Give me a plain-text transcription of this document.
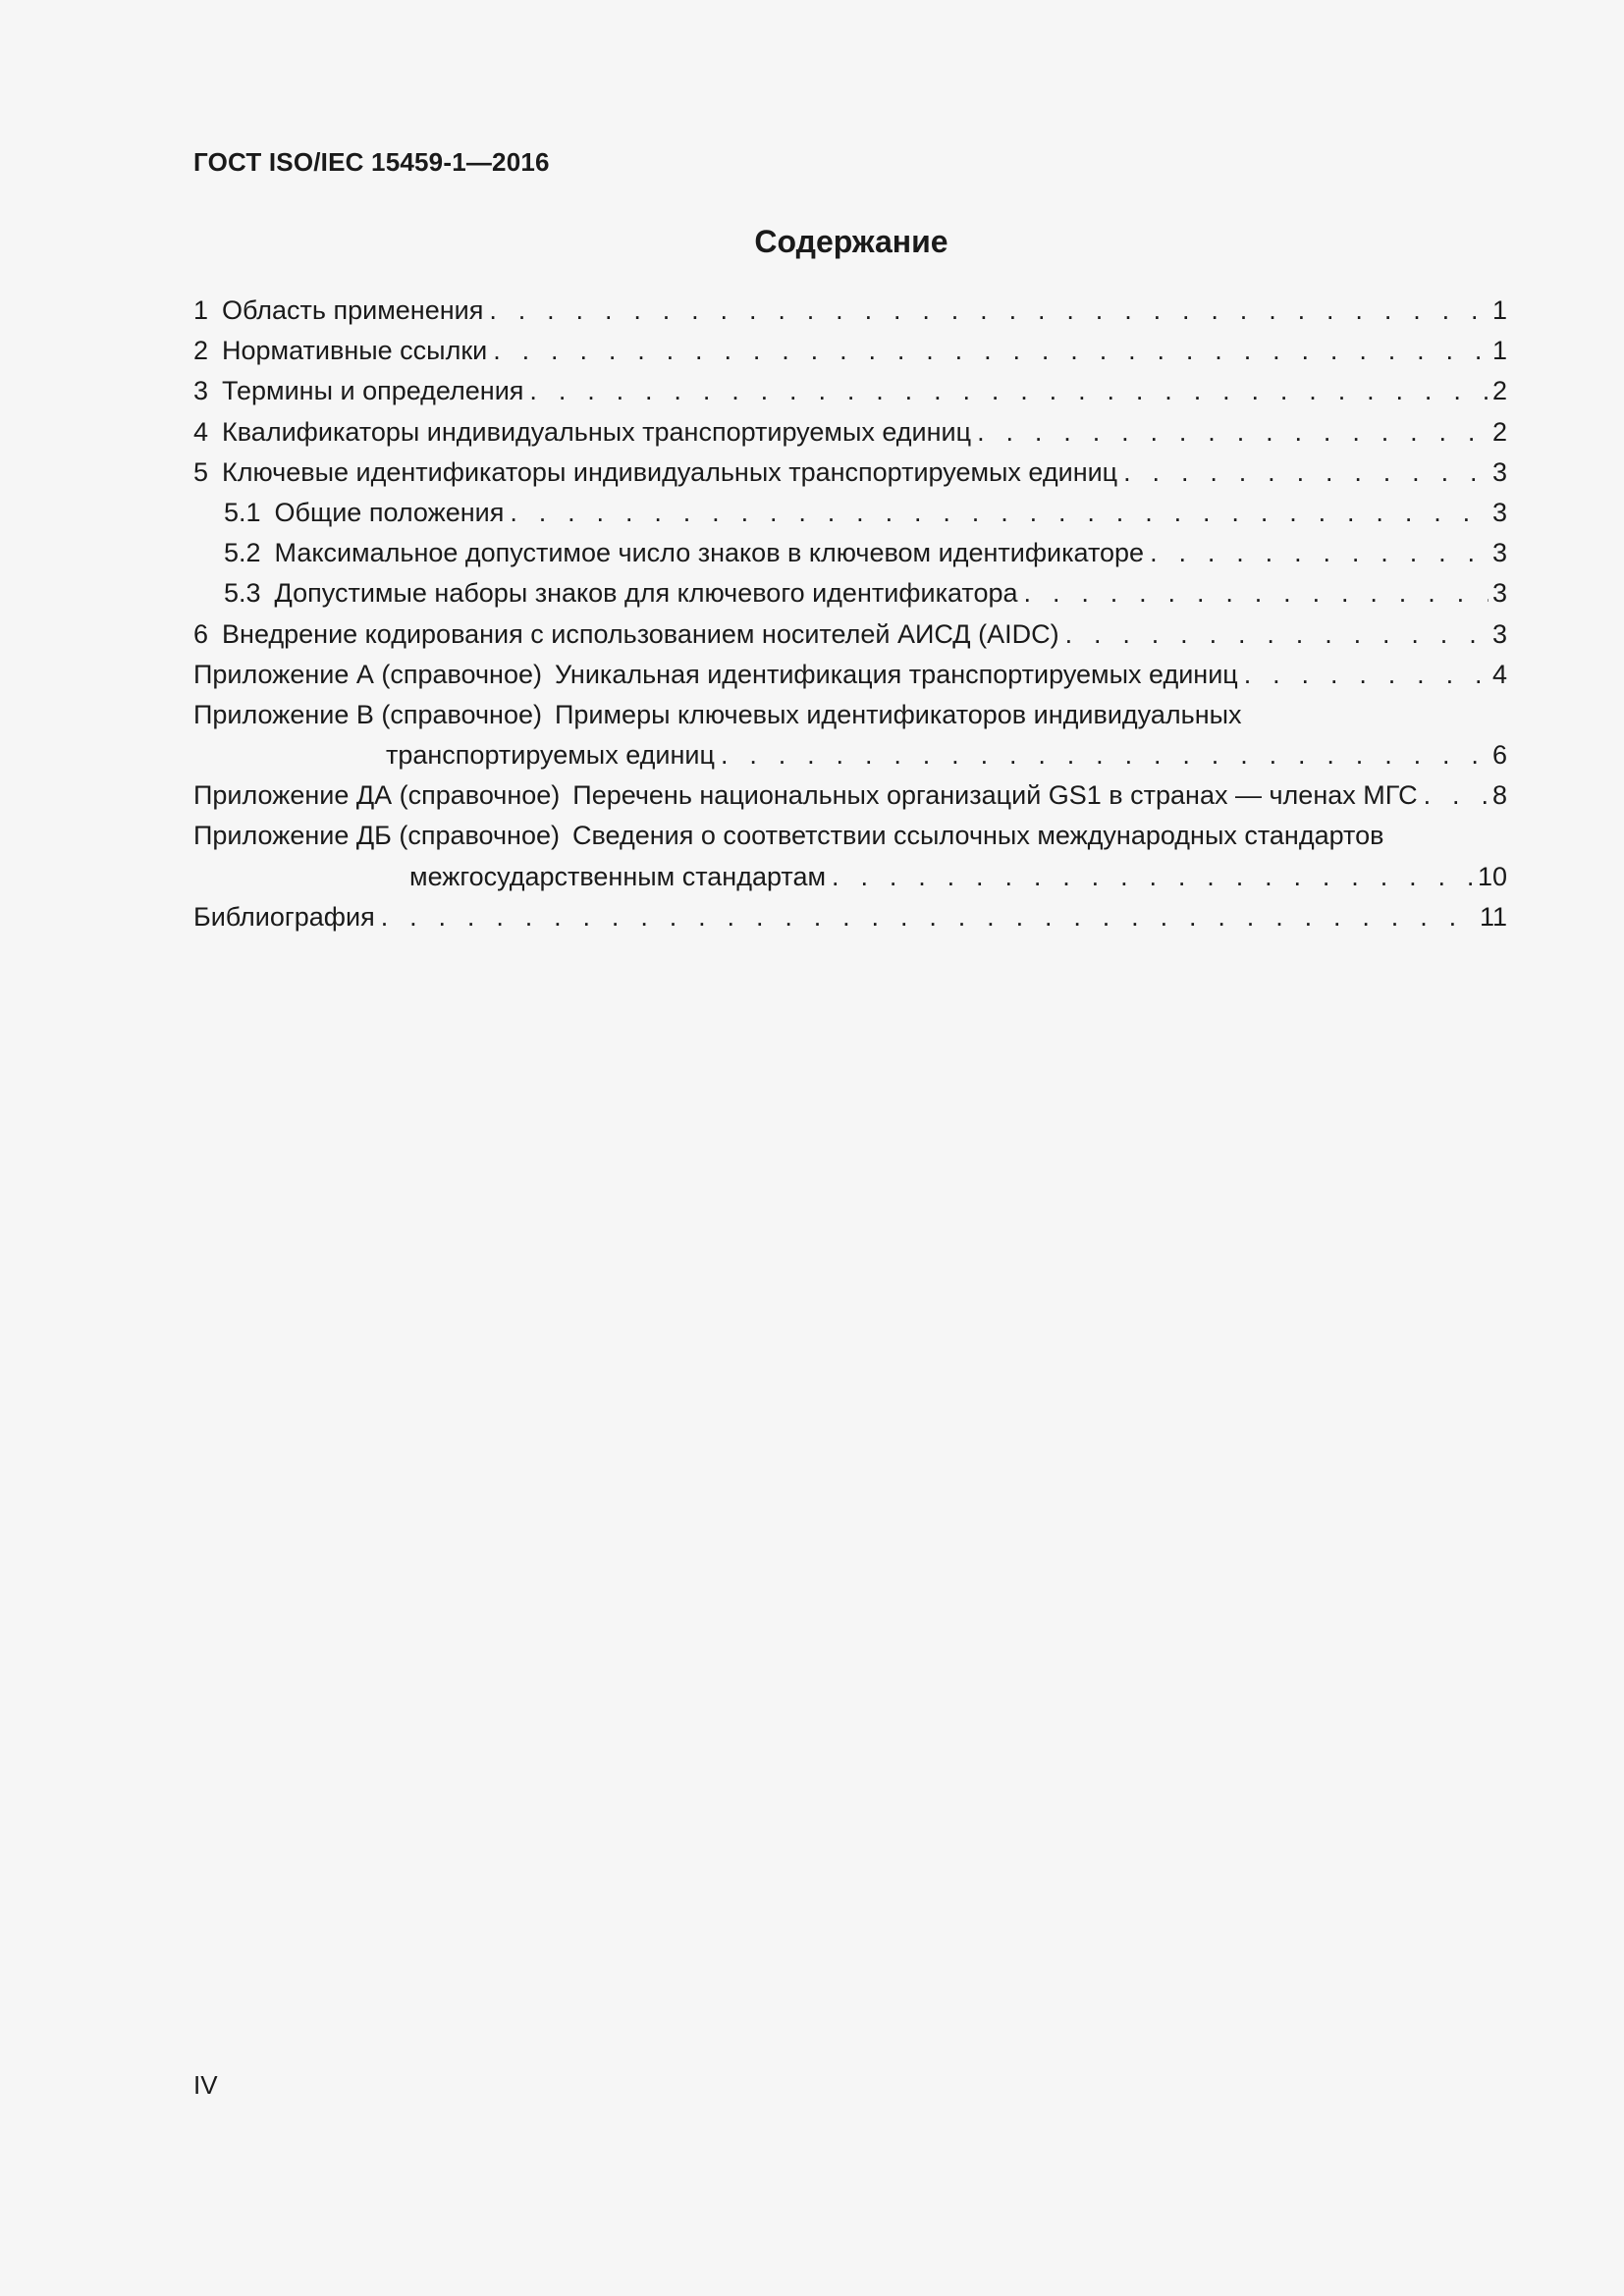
ГОСТ ISO/IEC 15459-1—2016
Содержание
1 Область применения . . .	1
2 Нормативные ссылки . . .	1
3 Термины и определения . . .	2
4 Квалификаторы индивидуальных транспортируемых единиц . . .	2
5 Ключевые идентификаторы индивидуальных транспортируемых единиц . . .	3
5.1 Общие положения . . .	3
5.2 Максимальное допустимое число знаков в ключевом идентификаторе . . .	3
5.3 Допустимые наборы знаков для ключевого идентификатора . . .	3
6 Внедрение кодирования с использованием носителей АИСД (AIDC) . . .	3
Приложение А (справочное) Уникальная идентификация транспортируемых единиц . . .	4
Приложение В (справочное) Примеры ключевых идентификаторов индивидуальных
транспортируемых единиц . . .	6
Приложение ДА (справочное) Перечень национальных организаций GS1 в странах — членах МГС . . .	8
Приложение ДБ (справочное) Сведения о соответствии ссылочных международных стандартов
межгосударственным стандартам . . .	10
Библиография . . .	11
IV
